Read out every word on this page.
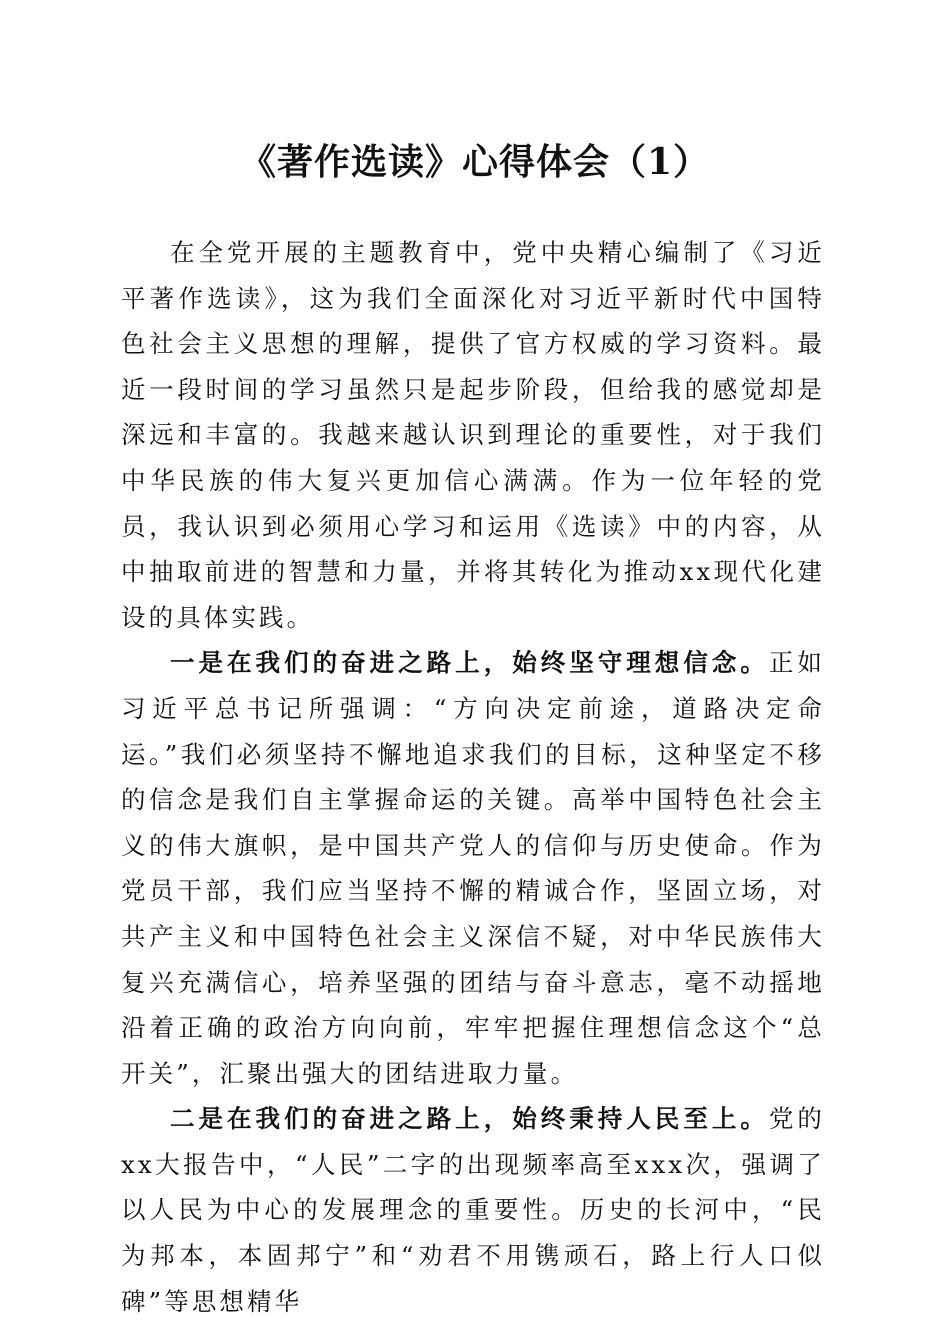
《著作选读》心得体会（1）

在全党开展的主题教育中，党中央精心编制了《习近平著作选读》，这为我们全面深化对习近平新时代中国特色社会主义思想的理解，提供了官方权威的学习资料。最近一段时间的学习虽然只是起步阶段，但给我的感觉却是深远和丰富的。我越来越认识到理论的重要性，对于我们中华民族的伟大复兴更加信心满满。作为一位年轻的党员，我认识到必须用心学习和运用《选读》中的内容，从中抽取前进的智慧和力量，并将其转化为推动xx现代化建设的具体实践。

一是在我们的奋进之路上，始终坚守理想信念。正如习近平总书记所强调：“方向决定前途，道路决定命运。”我们必须坚持不懈地追求我们的目标，这种坚定不移的信念是我们自主掌握命运的关键。高举中国特色社会主义的伟大旗帜，是中国共产党人的信仰与历史使命。作为党员干部，我们应当坚持不懈的精诚合作，坚固立场，对共产主义和中国特色社会主义深信不疑，对中华民族伟大复兴充满信心，培养坚强的团结与奋斗意志，毫不动摇地沿着正确的政治方向向前，牢牢把握住理想信念这个“总开关”，汇聚出强大的团结进取力量。

二是在我们的奋进之路上，始终秉持人民至上。党的xx大报告中，“人民”二字的出现频率高至xxx次，强调了以人民为中心的发展理念的重要性。历史的长河中，“民为邦本，本固邦宁”和“劝君不用镌顽石，路上行人口似碑”等思想精华
